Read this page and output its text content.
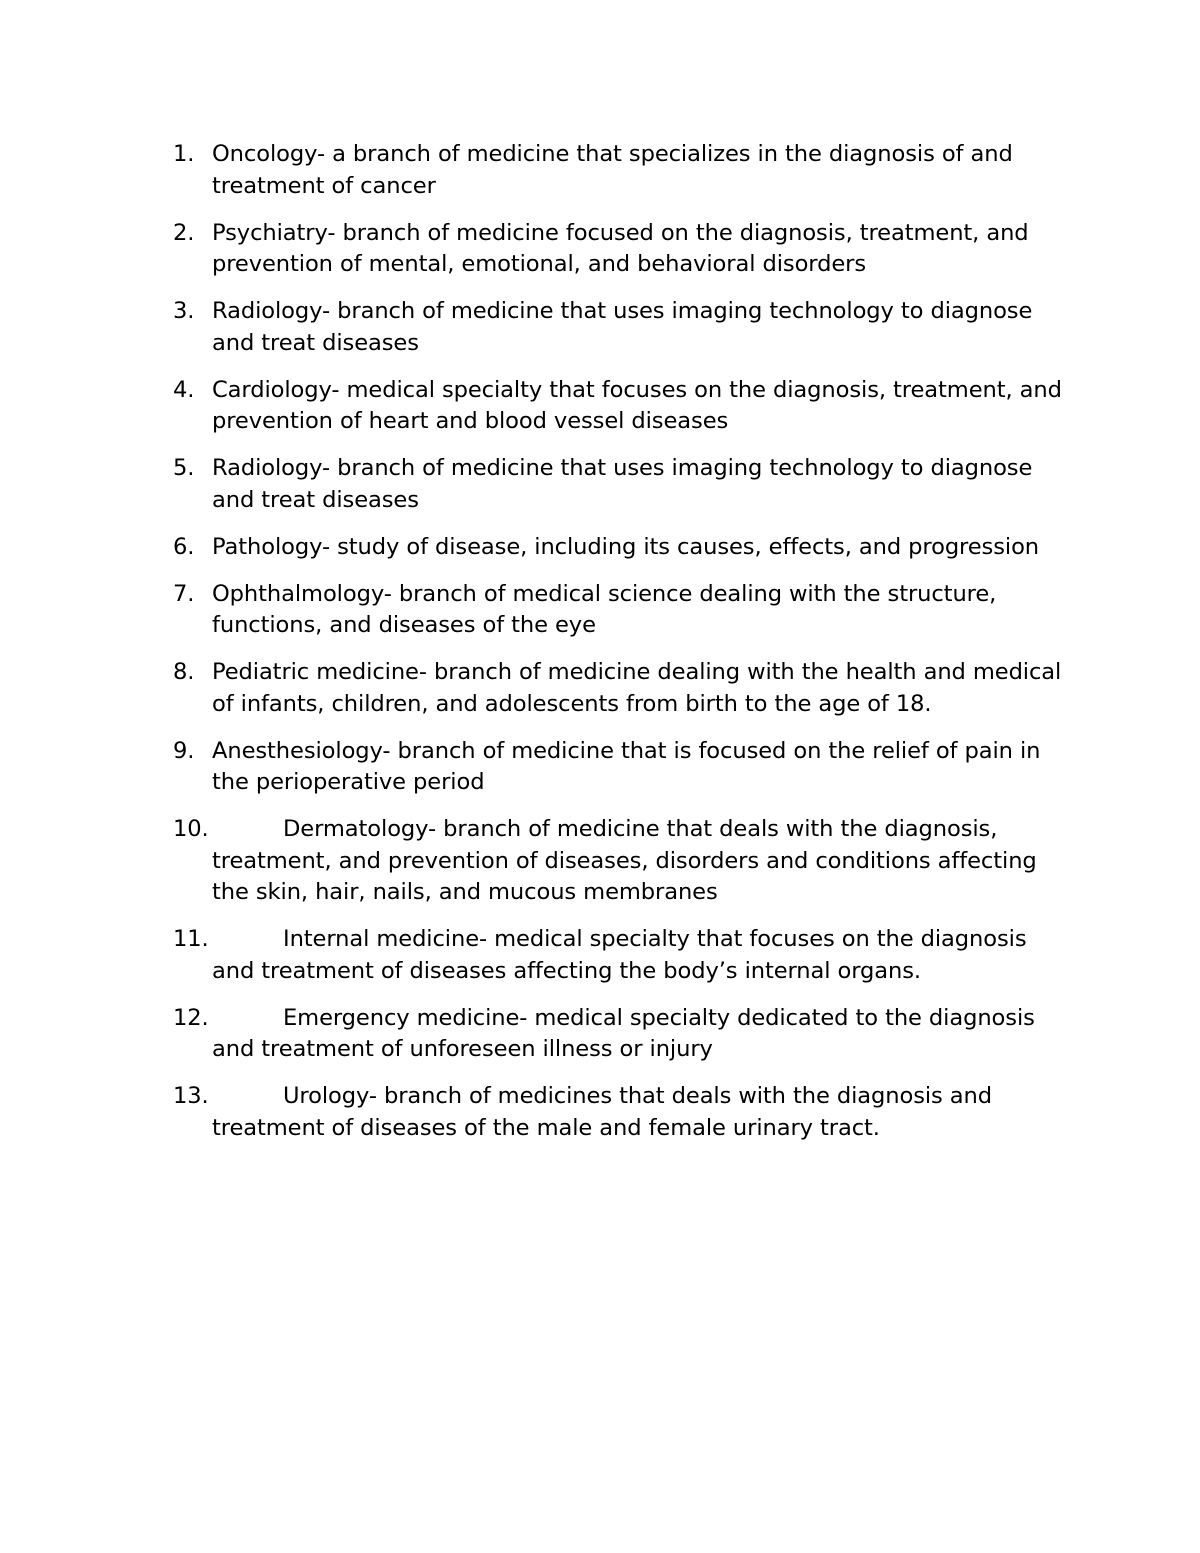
1. Oncology- a branch of medicine that specializes in the diagnosis of and treatment of cancer
2. Psychiatry- branch of medicine focused on the diagnosis, treatment, and prevention of mental, emotional, and behavioral disorders
3. Radiology- branch of medicine that uses imaging technology to diagnose and treat diseases
4. Cardiology- medical specialty that focuses on the diagnosis, treatment, and prevention of heart and blood vessel diseases
5. Radiology- branch of medicine that uses imaging technology to diagnose and treat diseases
6. Pathology- study of disease, including its causes, effects, and progression
7. Ophthalmology- branch of medical science dealing with the structure, functions, and diseases of the eye
8. Pediatric medicine- branch of medicine dealing with the health and medical of infants, children, and adolescents from birth to the age of 18.
9. Anesthesiology- branch of medicine that is focused on the relief of pain in the perioperative period
10.	Dermatology- branch of medicine that deals with the diagnosis, treatment, and prevention of diseases, disorders and conditions affecting the skin, hair, nails, and mucous membranes
11.	Internal medicine- medical specialty that focuses on the diagnosis and treatment of diseases affecting the body’s internal organs.
12.	Emergency medicine- medical specialty dedicated to the diagnosis and treatment of unforeseen illness or injury
13.	Urology- branch of medicines that deals with the diagnosis and treatment of diseases of the male and female urinary tract.
